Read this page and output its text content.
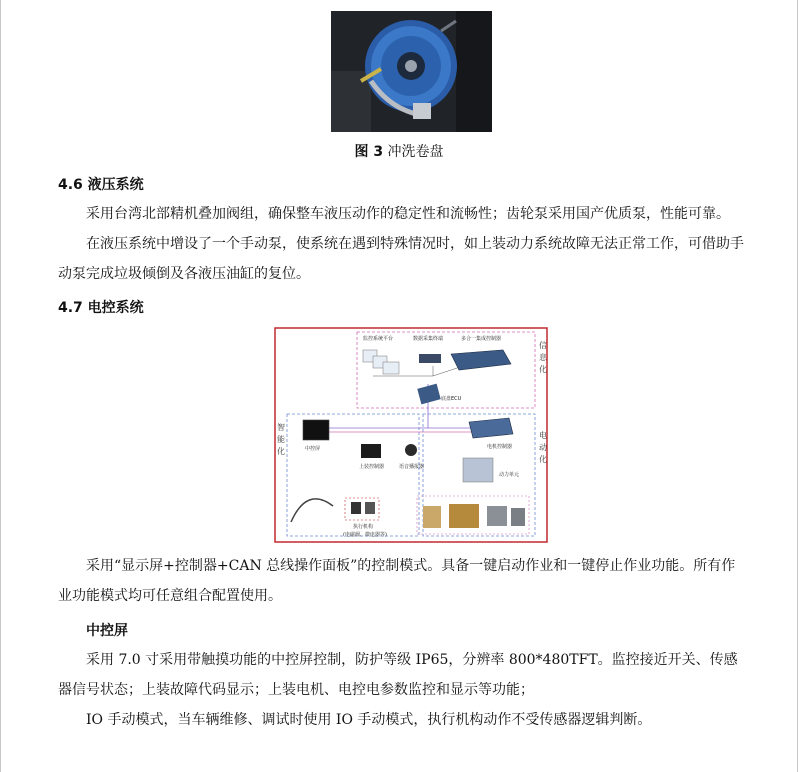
图 3 冲洗卷盘
4.6 液压系统
采用台湾北部精机叠加阀组，确保整车液压动作的稳定性和流畅性；齿轮泵采用国产优质泵，性能可靠。
在液压系统中增设了一个手动泵，使系统在遇到特殊情况时，如上装动力系统故障无法正常工作，可借助手动泵完成垃圾倾倒及各液压油缸的复位。
4.7 电控系统
监控系统平台	数据采集终端	多合一集成控制器
底盘ECU
信
息
化
电
动
化
智
能
化	中控屏
上装控制器	语音播报器
电机控制器
动力单元
执行机构
(电磁阀、微电器等)
采用“显示屏+控制器+CAN 总线操作面板”的控制模式。具备一键启动作业和一键停止作业功能。所有作业功能模式均可任意组合配置使用。
中控屏
采用 7.0 寸采用带触摸功能的中控屏控制，防护等级 IP65，分辨率 800*480TFT。监控接近开关、传感器信号状态；上装故障代码显示；上装电机、电控电参数监控和显示等功能；
IO 手动模式，当车辆维修、调试时使用 IO 手动模式，执行机构动作不受传感器逻辑判断。
